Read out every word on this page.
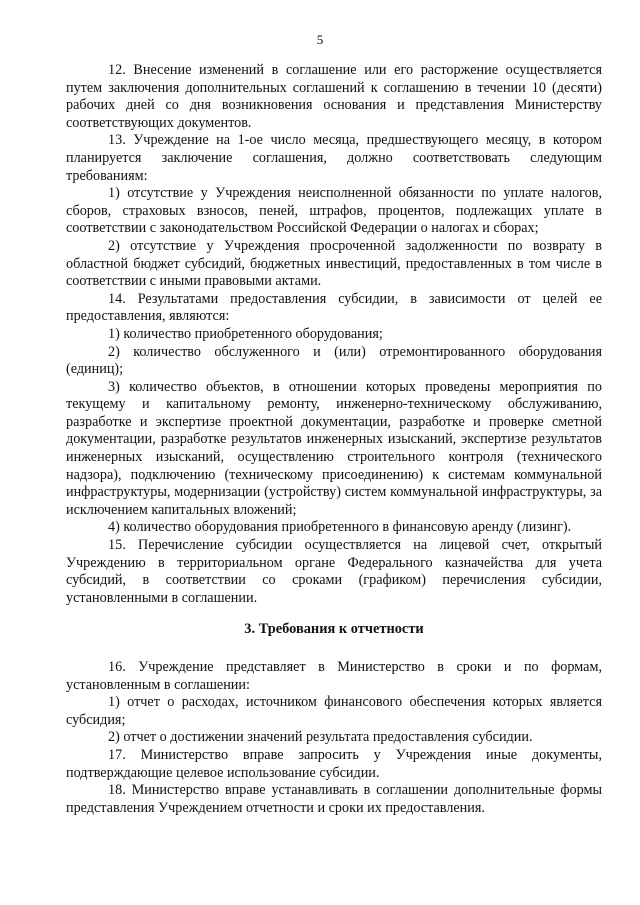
5

12. Внесение изменений в соглашение или его расторжение осуществляется путем заключения дополнительных соглашений к соглашению в течении 10 (десяти) рабочих дней со дня возникновения основания и представления Министерству соответствующих документов.

13. Учреждение на 1-ое число месяца, предшествующего месяцу, в котором планируется заключение соглашения, должно соответствовать следующим требованиям:

1) отсутствие у Учреждения неисполненной обязанности по уплате налогов, сборов, страховых взносов, пеней, штрафов, процентов, подлежащих уплате в соответствии с законодательством Российской Федерации о налогах и сборах;

2) отсутствие у Учреждения просроченной задолженности по возврату в областной бюджет субсидий, бюджетных инвестиций, предоставленных в том числе в соответствии с иными правовыми актами.

14. Результатами предоставления субсидии, в зависимости от целей ее предоставления, являются:

1) количество приобретенного оборудования;

2) количество обслуженного и (или) отремонтированного оборудования (единиц);

3) количество объектов, в отношении которых проведены мероприятия по текущему и капитальному ремонту, инженерно-техническому обслуживанию, разработке и экспертизе проектной документации, разработке и проверке сметной документации, разработке результатов инженерных изысканий, экспертизе результатов инженерных изысканий, осуществлению строительного контроля (технического надзора), подключению (техническому присоединению) к системам коммунальной инфраструктуры, модернизации (устройству) систем коммунальной инфраструктуры, за исключением капитальных вложений;

4) количество оборудования приобретенного в финансовую аренду (лизинг).

15. Перечисление субсидии осуществляется на лицевой счет, открытый Учреждению в территориальном органе Федерального казначейства для учета субсидий, в соответствии со сроками (графиком) перечисления субсидии, установленными в соглашении.

3. Требования к отчетности

16. Учреждение представляет в Министерство в сроки и по формам, установленным в соглашении:

1) отчет о расходах, источником финансового обеспечения которых является субсидия;

2) отчет о достижении значений результата предоставления субсидии.

17. Министерство вправе запросить у Учреждения иные документы, подтверждающие целевое использование субсидии.

18. Министерство вправе устанавливать в соглашении дополнительные формы представления Учреждением отчетности и сроки их предоставления.
